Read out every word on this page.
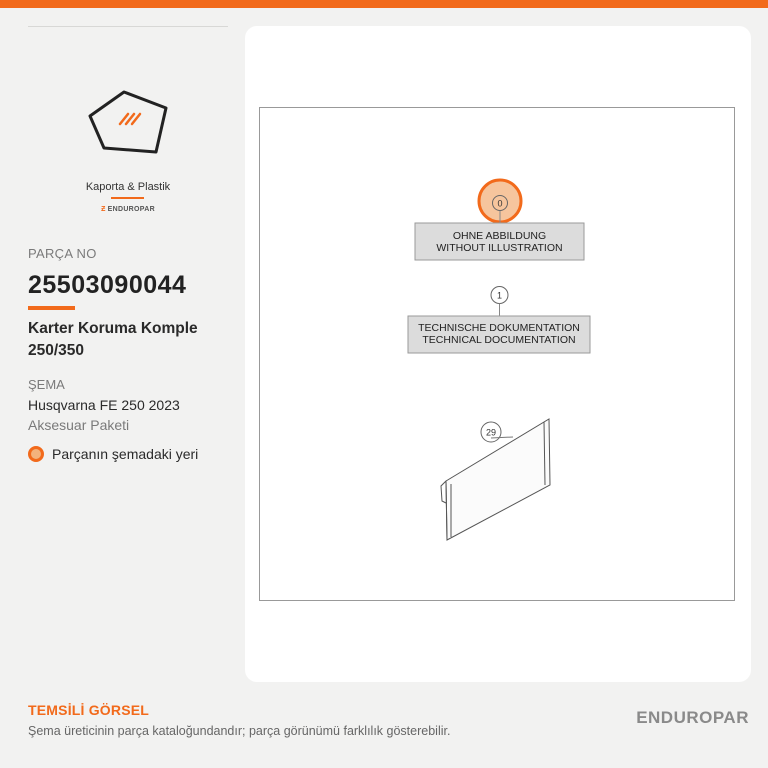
Kaporta & Plastik
Ƶ ENDUROPAR
PARÇA NO
25503090044
Karter Koruma Komple 250/350
ŞEMA
Husqvarna FE 250 2023
Aksesuar Paketi
Parçanın şemadaki yeri
0
OHNE ABBILDUNG
WITHOUT ILLUSTRATION
1
TECHNISCHE DOKUMENTATION
TECHNICAL DOCUMENTATION
29
TEMSİLİ GÖRSEL
Şema üreticinin parça kataloğundandır; parça görünümü farklılık gösterebilir.
ENDUROPAR
